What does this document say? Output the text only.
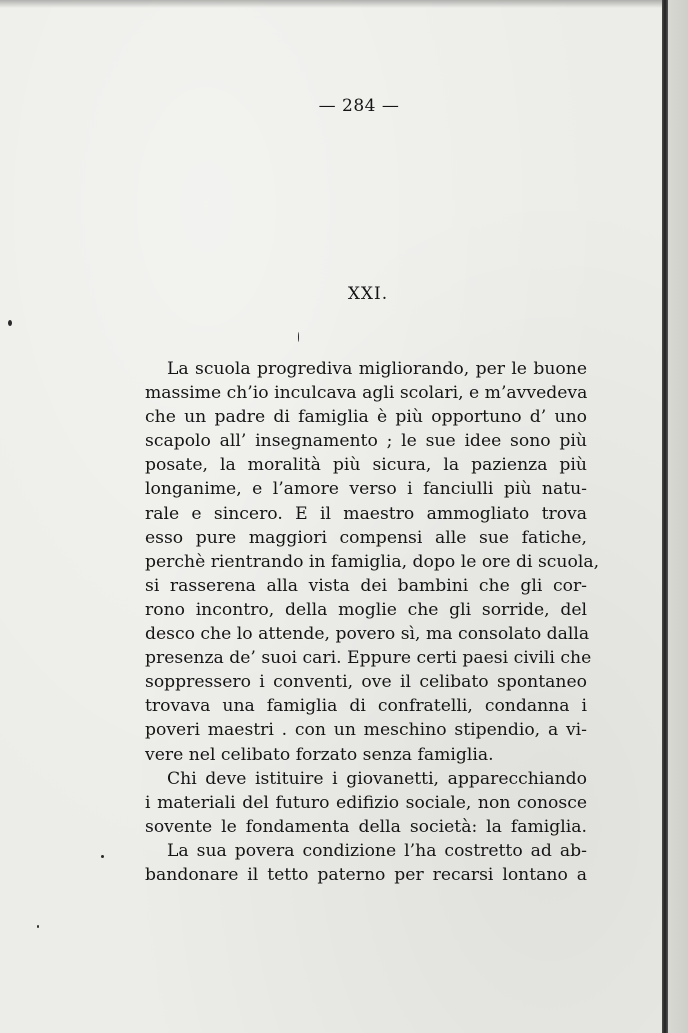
— 284 —
XXI.
La scuola progrediva migliorando, per le buone
massime ch’io inculcava agli scolari, e m’avvedeva
che un padre di famiglia è più opportuno d’ uno
scapolo all’ insegnamento ; le sue idee sono più
posate, la moralità più sicura, la pazienza più
longanime, e l’amore verso i fanciulli più natu-
rale e sincero. E il maestro ammogliato trova
esso pure maggiori compensi alle sue fatiche,
perchè rientrando in famiglia, dopo le ore di scuola,
si rasserena alla vista dei bambini che gli cor-
rono incontro, della moglie che gli sorride, del
desco che lo attende, povero sì, ma consolato dalla
presenza de’ suoi cari. Eppure certi paesi civili che
soppressero i conventi, ove il celibato spontaneo
trovava una famiglia di confratelli, condanna i
poveri maestri . con un meschino stipendio, a vi-
vere nel celibato forzato senza famiglia.
Chi deve istituire i giovanetti, apparecchiando
i materiali del futuro edifizio sociale, non conosce
sovente le fondamenta della società: la famiglia.
La sua povera condizione l’ha costretto ad ab-
bandonare il tetto paterno per recarsi lontano a
